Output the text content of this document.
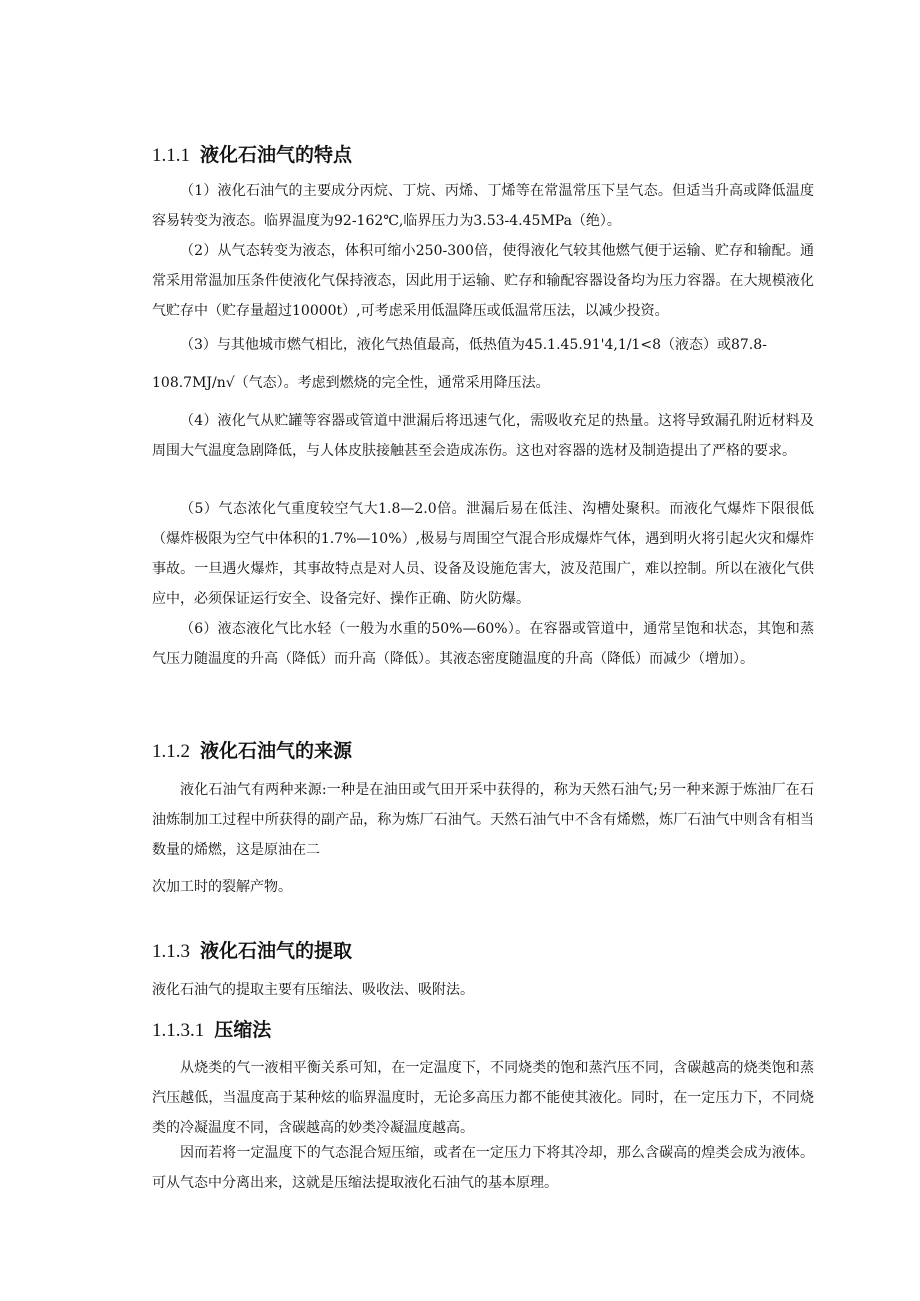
1.1.1 液化石油气的特点

（1）液化石油气的主要成分丙烷、丁烷、丙烯、丁烯等在常温常压下呈气态。但适当升高或降低温度容易转变为液态。临界温度为92-162℃,临界压力为3.53-4.45MPa（绝）。

（2）从气态转变为液态，体积可缩小250-300倍，使得液化气较其他燃气便于运输、贮存和输配。通常采用常温加压条件使液化气保持液态，因此用于运输、贮存和输配容器设备均为压力容器。在大规模液化气贮存中（贮存量超过10000t）,可考虑采用低温降压或低温常压法，以减少投资。

（3）与其他城市燃气相比，液化气热值最高，低热值为45.1.45.91'4,1/1<8（液态）或87.8-

108.7MJ/n√（气态）。考虑到燃烧的完全性，通常采用降压法。

（4）液化气从贮罐等容器或管道中泄漏后将迅速气化，需吸收充足的热量。这将导致漏孔附近材料及周围大气温度急剧降低，与人体皮肤接触甚至会造成冻伤。这也对容器的选材及制造提出了严格的要求。

（5）气态浓化气重度较空气大1.8—2.0倍。泄漏后易在低洼、沟槽处聚积。而液化气爆炸下限很低（爆炸极限为空气中体积的1.7%—10%）,极易与周围空气混合形成爆炸气体，遇到明火将引起火灾和爆炸事故。一旦遇火爆炸，其事故特点是对人员、设备及设施危害大，波及范围广，难以控制。所以在液化气供应中，必须保证运行安全、设备完好、操作正确、防火防爆。

（6）液态液化气比水轻（一般为水重的50%—60%）。在容器或管道中，通常呈饱和状态，其饱和蒸气压力随温度的升高（降低）而升高（降低）。其液态密度随温度的升高（降低）而减少（增加）。

1.1.2 液化石油气的来源

液化石油气有两种来源:一种是在油田或气田开采中获得的，称为天然石油气;另一种来源于炼油厂在石油炼制加工过程中所获得的副产品，称为炼厂石油气。天然石油气中不含有烯燃，炼厂石油气中则含有相当数量的烯燃，这是原油在二

次加工时的裂解产物。

1.1.3 液化石油气的提取

液化石油气的提取主要有压缩法、吸收法、吸附法。

1.1.3.1 压缩法

从烧类的气一液相平衡关系可知，在一定温度下，不同烧类的饱和蒸汽压不同，含碳越高的烧类饱和蒸汽压越低，当温度高于某种炫的临界温度时，无论多高压力都不能使其液化。同时，在一定压力下，不同烧类的冷凝温度不同，含碳越高的妙类冷凝温度越高。

因而若将一定温度下的气态混合短压缩，或者在一定压力下将其冷却，那么含碳高的煌类会成为液体。可从气态中分离出来，这就是压缩法提取液化石油气的基本原理。
